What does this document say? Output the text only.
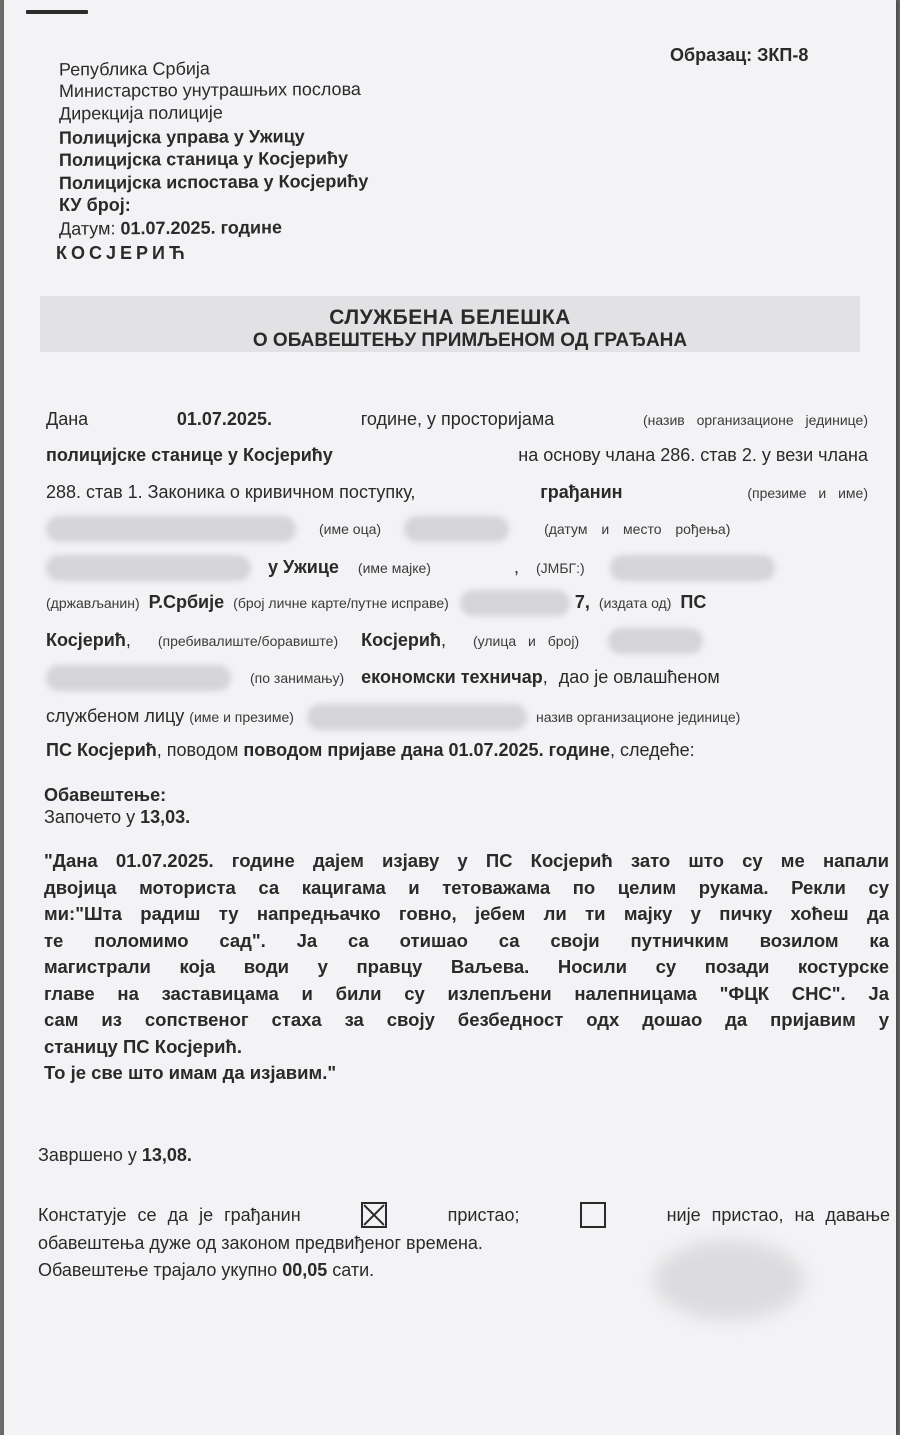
Образац: ЗКП-8
Република Србија
Министарство унутрашњих послова
Дирекција полиције
Полицијска управа у Ужицу
Полицијска станица у Косјерићу
Полицијска испостава у Косјерићу
КУ број:
Датум: 01.07.2025. године
КОСЈЕРИЋ
СЛУЖБЕНА БЕЛЕШКА
О ОБАВЕШТЕЊУ ПРИМЉЕНОМ ОД ГРАЂАНА
Дана	01.07.2025.	године, у просторијама	(назив организационе јединице)
полицијске станице у Косјерићу	на основу члана 286. став 2. у вези члана
288. став 1. Законика о кривичном поступку,	грађанин	(презиме и име)
(име оца)	(датум и место рођења)
у Ужице (име мајке)	, (ЈМБГ:)
(држављанин) Р.Србије (број личне карте/путне исправе)	7, (издата од) ПС
Косјерић, (пребивалиште/боравиште) Косјерић, (улица и број)
(по занимању) економски техничар, дао је овлашћеном
службеном лицу (име и презиме)	назив организационе јединице)
ПС Косјерић, поводом поводом пријаве дана 01.07.2025. године, следеће:
Обавештење:
Започето у 13,03.
"Дана 01.07.2025. године дајем изјаву у ПС Косјерић зато што су ме напали
двојица мотористa са кацигама и тетоважама по целим рукама. Рекли су
ми:"Шта радиш ту напредњачко говно, јебем ли ти мајку у пичку хоћеш да
те поломимо сад". Ја са отишао са своји путничким возилом ка
магистрали која води у правцу Ваљева. Носили су позади костурске
главе на заставицама и били су излепљени налепницама "ФЦК СНС". Ја
сам из сопственог стаха за своју безбедност одх дошао да пријавим у
станицу ПС Косјерић.
То је све што имам да изјавим."
Завршено у 13,08.
Констатује се да је грађанин	пристао;	није пристао, на давање
обавештења дуже од законом предвиђеног времена.
Обавештење трајало укупно 00,05 сати.
